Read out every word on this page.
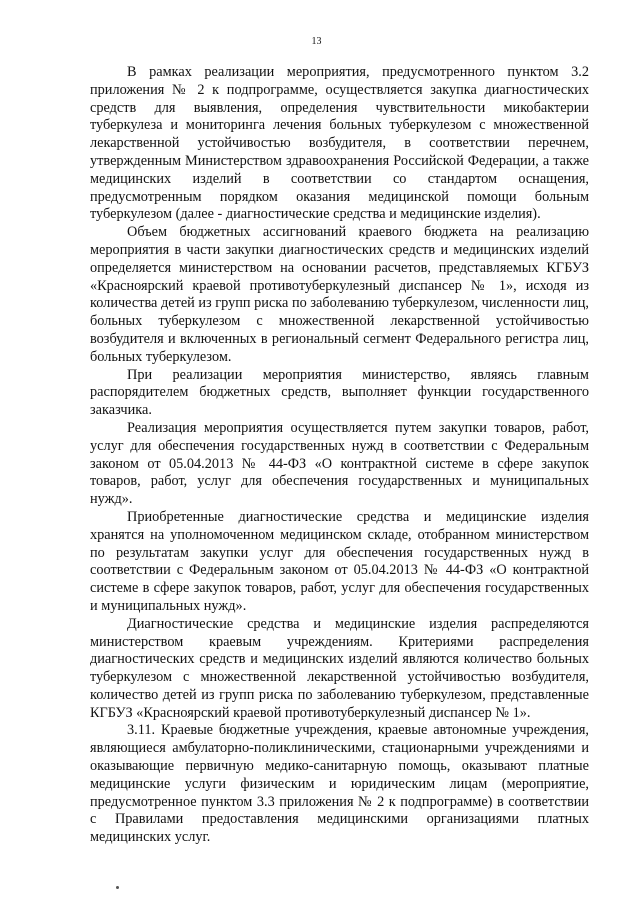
13

В рамках реализации мероприятия, предусмотренного пунктом 3.2 приложения № 2 к подпрограмме, осуществляется закупка диагностических средств для выявления, определения чувствительности микобактерии туберкулеза и мониторинга лечения больных туберкулезом с множественной лекарственной устойчивостью возбудителя, в соответствии перечнем, утвержденным Министерством здравоохранения Российской Федерации, а также медицинских изделий в соответствии со стандартом оснащения, предусмотренным порядком оказания медицинской помощи больным туберкулезом (далее - диагностические средства и медицинские изделия).

Объем бюджетных ассигнований краевого бюджета на реализацию мероприятия в части закупки диагностических средств и медицинских изделий определяется министерством на основании расчетов, представляемых КГБУЗ «Красноярский краевой противотуберкулезный диспансер № 1», исходя из количества детей из групп риска по заболеванию туберкулезом, численности лиц, больных туберкулезом с множественной лекарственной устойчивостью возбудителя и включенных в региональный сегмент Федерального регистра лиц, больных туберкулезом.

При реализации мероприятия министерство, являясь главным распорядителем бюджетных средств, выполняет функции государственного заказчика.

Реализация мероприятия осуществляется путем закупки товаров, работ, услуг для обеспечения государственных нужд в соответствии с Федеральным законом от 05.04.2013 № 44-ФЗ «О контрактной системе в сфере закупок товаров, работ, услуг для обеспечения государственных и муниципальных нужд».

Приобретенные диагностические средства и медицинские изделия хранятся на уполномоченном медицинском складе, отобранном министерством по результатам закупки услуг для обеспечения государственных нужд в соответствии с Федеральным законом от 05.04.2013 № 44-ФЗ «О контрактной системе в сфере закупок товаров, работ, услуг для обеспечения государственных и муниципальных нужд».

Диагностические средства и медицинские изделия распределяются министерством краевым учреждениям. Критериями распределения диагностических средств и медицинских изделий являются количество больных туберкулезом с множественной лекарственной устойчивостью возбудителя, количество детей из групп риска по заболеванию туберкулезом, представленные КГБУЗ «Красноярский краевой противотуберкулезный диспансер № 1».

3.11. Краевые бюджетные учреждения, краевые автономные учреждения, являющиеся амбулаторно-поликлиническими, стационарными учреждениями и оказывающие первичную медико-санитарную помощь, оказывают платные медицинские услуги физическим и юридическим лицам (мероприятие, предусмотренное пунктом 3.3 приложения № 2 к подпрограмме) в соответствии с Правилами предоставления медицинскими организациями платных медицинских услуг.
